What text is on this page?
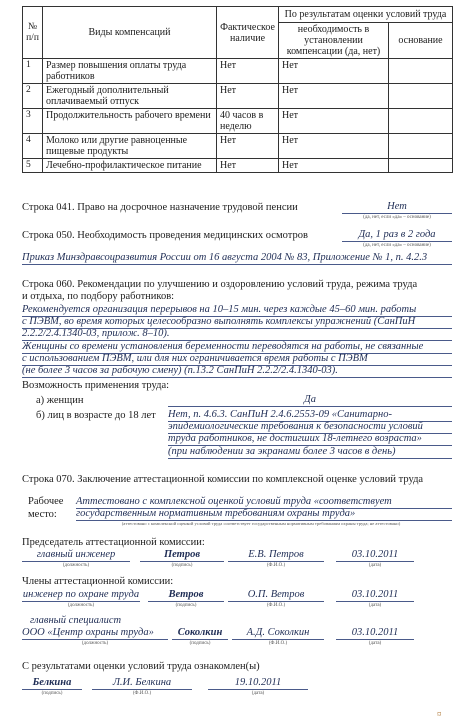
№
п/п	Виды компенсаций	Фактическое наличие	По результатам оценки условий труда	
			необходимость в установлении компенсации (да, нет)	основание
1	Размер повышения оплаты труда работников	Нет	Нет	
2	Ежегодный дополнительный оплачиваемый отпуск	Нет	Нет	
3	Продолжительность рабочего времени	40 часов в неделю	Нет	
4	Молоко или другие равноценные пищевые продукты	Нет	Нет	
5	Лечебно-профилактическое питание	Нет	Нет	
Строка 041. Право на досрочное назначение трудовой пенсии	Нет
(да, нет, если «да» – основание)
Строка 050. Необходимость проведения медицинских осмотров	Да, 1 раз в 2 года
(да, нет, если «да» – основание)
Приказ Минздравсоцразвития России от 16 августа 2004 № 83, Приложение № 1, п. 4.2.3
Строка 060. Рекомендации по улучшению и оздоровлению условий труда, режима труда
и отдыха, по подбору работников:
Рекомендуется организация перерывов на 10–15 мин. через каждые 45–60 мин. работы
с ПЭВМ, во время которых целесообразно выполнять комплексы упражнений (СанПиН
2.2.2/2.4.1340-03, прилож. 8–10).
Женщины со времени установления беременности переводятся на работы, не связанные
с использованием ПЭВМ, или для них ограничивается время работы с ПЭВМ
(не более 3 часов за рабочую смену) (п.13.2 СанПиН 2.2.2/2.4.1340-03).
Возможность применения труда:
а) женщин	Да
б) лиц в возрасте до 18 лет Нет, п. 4.6.3. СанПиН 2.4.6.2553-09 «Санитарно-
эпидемиологические требования к безопасности условий
труда работников, не достигших 18-летнего возраста»
(при наблюдении за экранами более 3 часов в день)
Строка 070. Заключение аттестационной комиссии по комплексной оценке условий труда
Рабочее
место:
Аттестовано с комплексной оценкой условий труда «соответствует
государственным нормативным требованиям охраны труда»
(аттестовано с комплексной оценкой условий труда соответствует государственным нормативным требованиям охраны труда; не аттестовано)
Председатель аттестационной комиссии:
главный инженер	Петров	Е.В. Петров	03.10.2011
(должность)	(подпись)	(Ф.И.О.)	(дата)
Члены аттестационной комиссии:
инженер по охране труда	Ветров	О.П. Ветров	03.10.2011
(должность)	(подпись)	(Ф.И.О.)	(дата)
главный специалист
ООО «Центр охраны труда»	Соколкин	А.Д. Соколкин	03.10.2011
(должность)	(подпись)	(Ф.И.О.)	(дата)
С результатами оценки условий труда ознакомлен(ы)
Белкина	Л.И. Белкина	19.10.2011
(подпись)	(Ф.И.О.)	(дата)
¤
